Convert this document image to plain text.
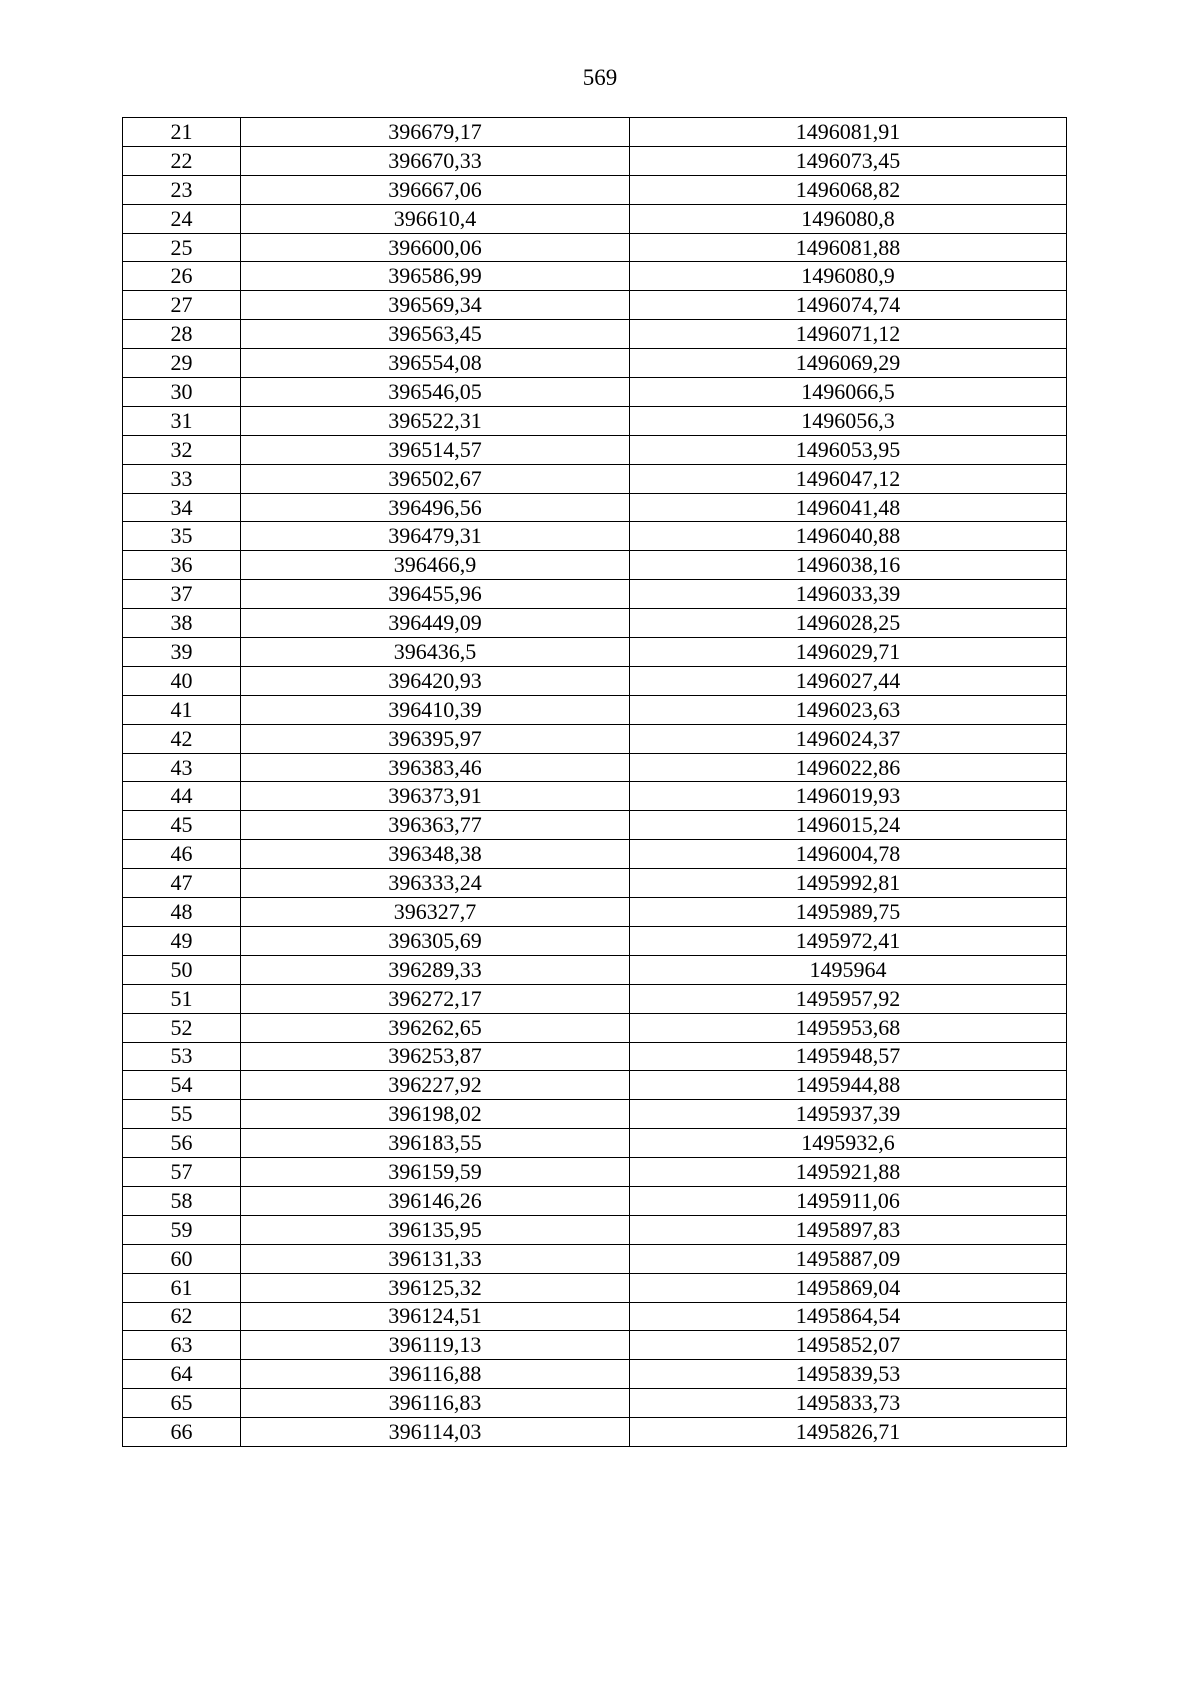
569
21	396679,17	1496081,91
22	396670,33	1496073,45
23	396667,06	1496068,82
24	396610,4	1496080,8
25	396600,06	1496081,88
26	396586,99	1496080,9
27	396569,34	1496074,74
28	396563,45	1496071,12
29	396554,08	1496069,29
30	396546,05	1496066,5
31	396522,31	1496056,3
32	396514,57	1496053,95
33	396502,67	1496047,12
34	396496,56	1496041,48
35	396479,31	1496040,88
36	396466,9	1496038,16
37	396455,96	1496033,39
38	396449,09	1496028,25
39	396436,5	1496029,71
40	396420,93	1496027,44
41	396410,39	1496023,63
42	396395,97	1496024,37
43	396383,46	1496022,86
44	396373,91	1496019,93
45	396363,77	1496015,24
46	396348,38	1496004,78
47	396333,24	1495992,81
48	396327,7	1495989,75
49	396305,69	1495972,41
50	396289,33	1495964
51	396272,17	1495957,92
52	396262,65	1495953,68
53	396253,87	1495948,57
54	396227,92	1495944,88
55	396198,02	1495937,39
56	396183,55	1495932,6
57	396159,59	1495921,88
58	396146,26	1495911,06
59	396135,95	1495897,83
60	396131,33	1495887,09
61	396125,32	1495869,04
62	396124,51	1495864,54
63	396119,13	1495852,07
64	396116,88	1495839,53
65	396116,83	1495833,73
66	396114,03	1495826,71
